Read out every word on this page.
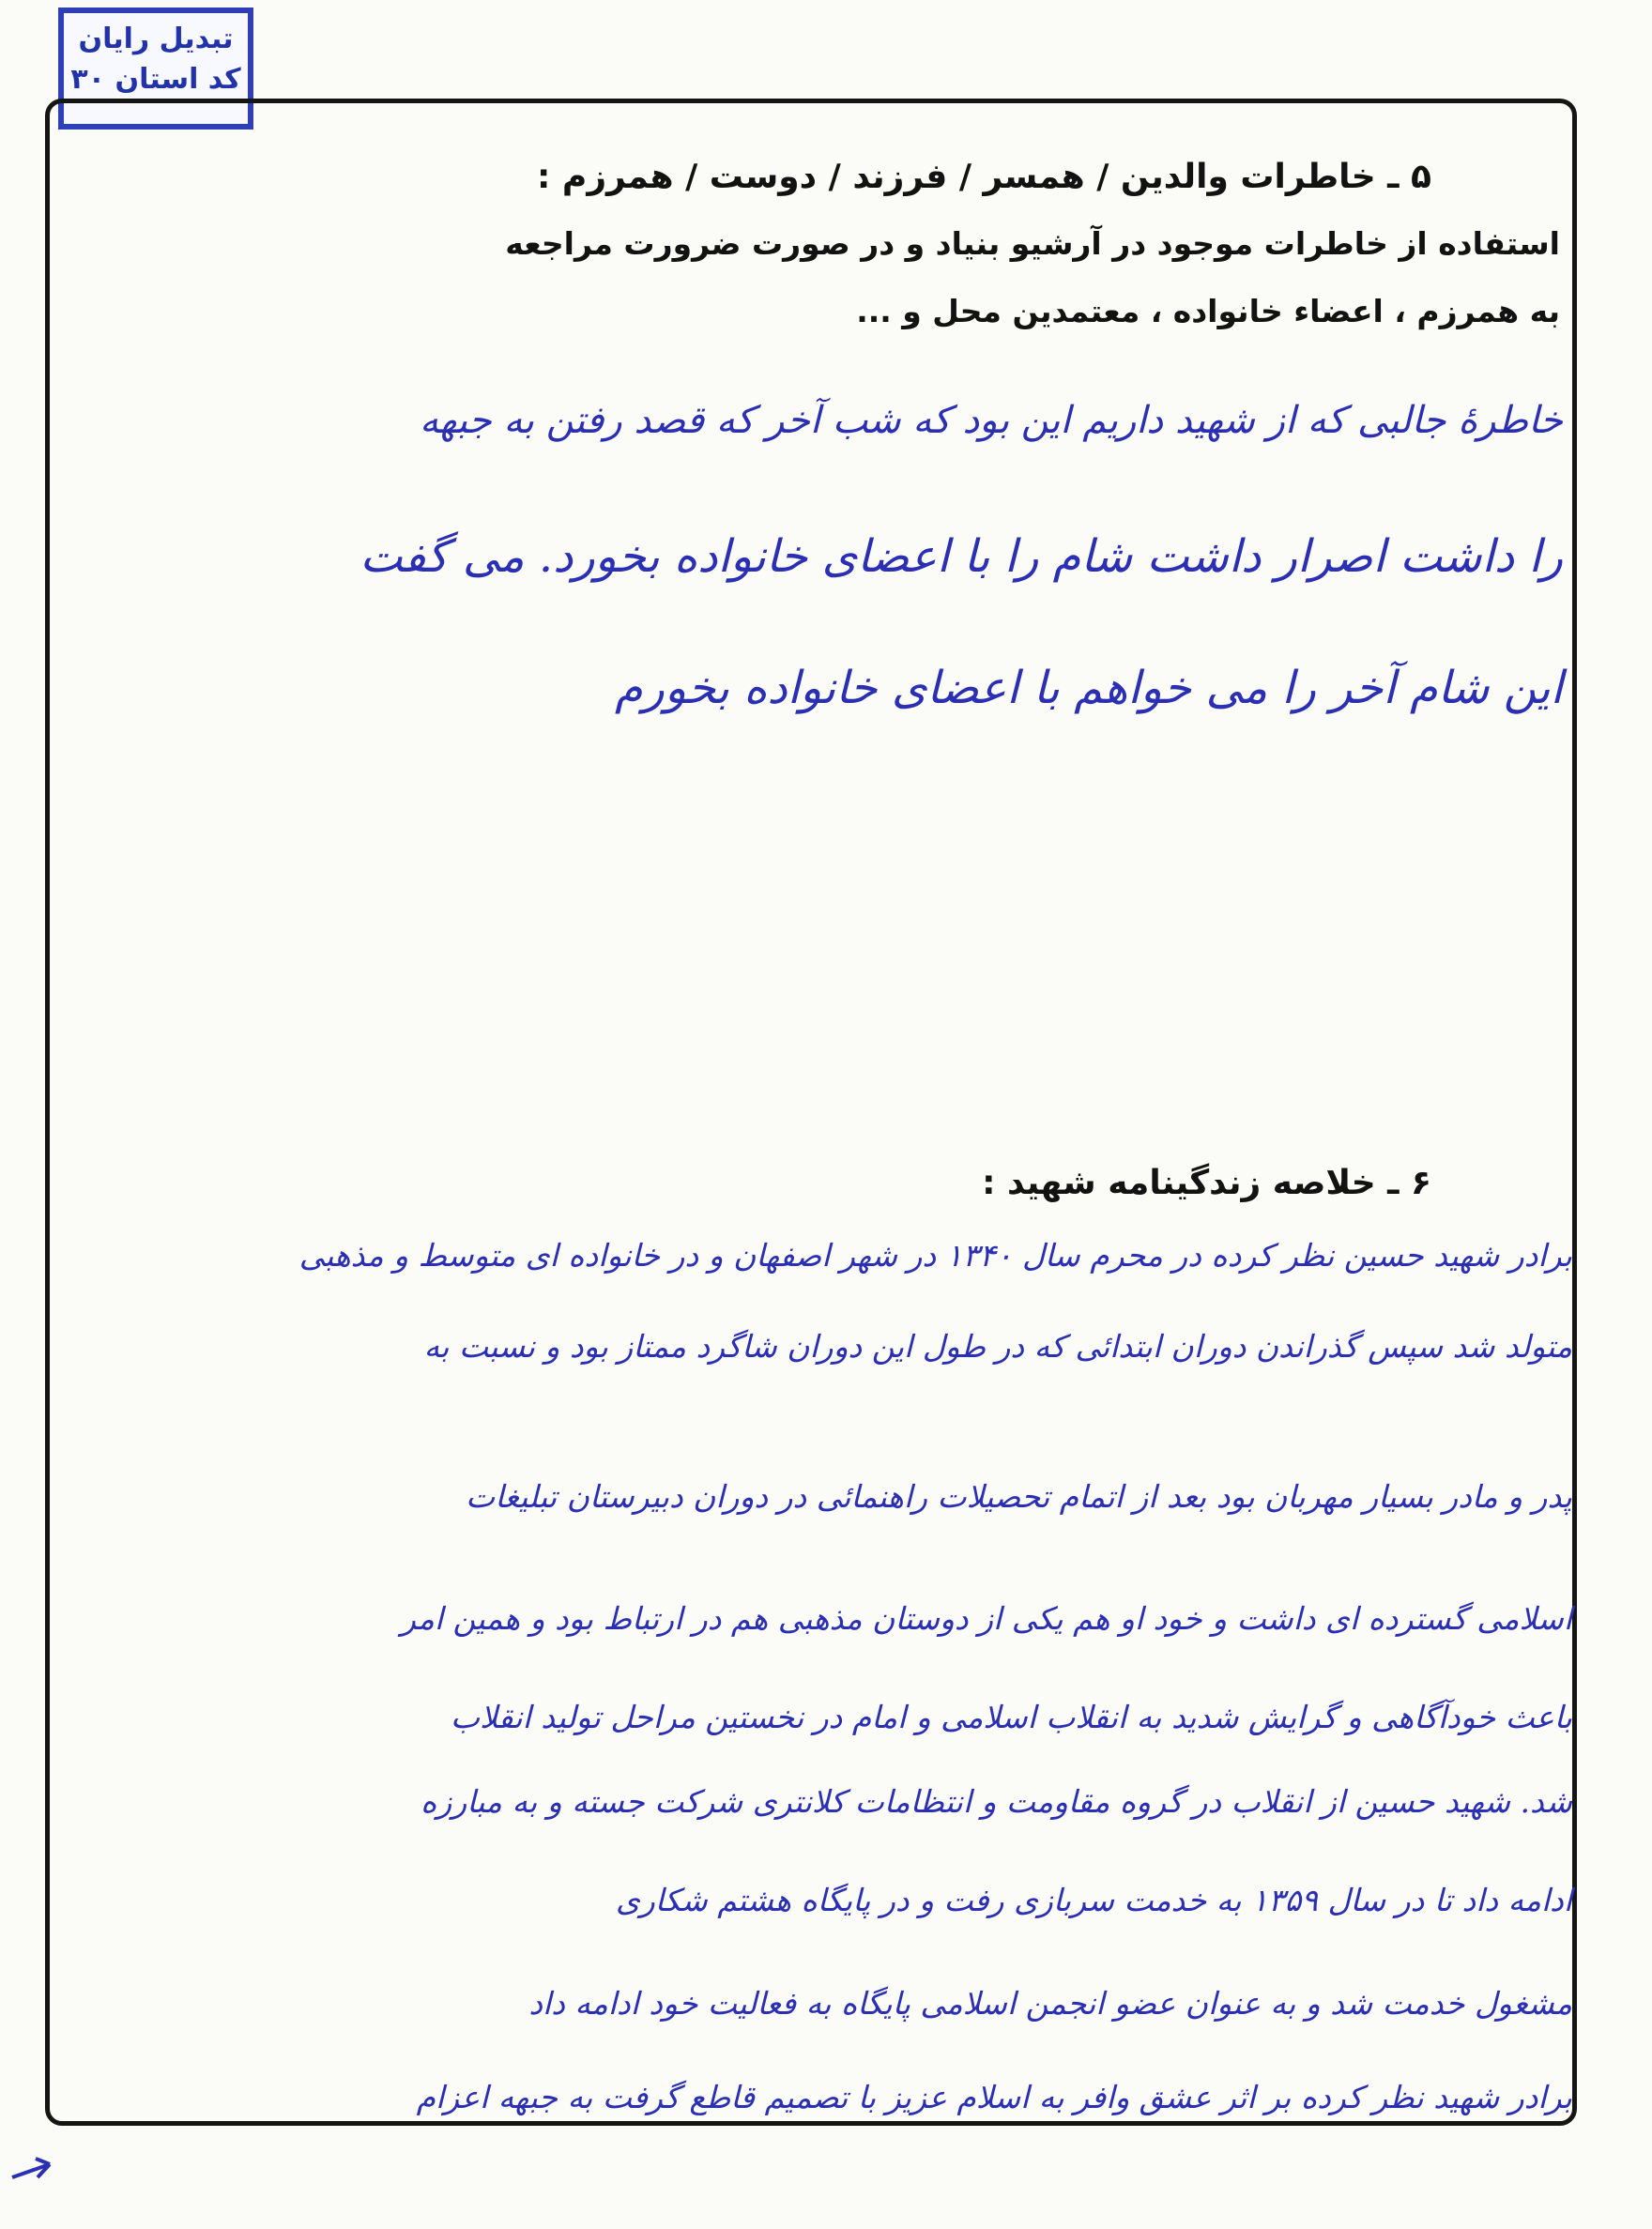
تبدیل رایان
کد استان ۳۰
۵ ـ خاطرات والدین / همسر / فرزند / دوست / همرزم :
استفاده از خاطرات موجود در آرشیو بنیاد و در صورت ضرورت مراجعه
به همرزم ، اعضاء خانواده ، معتمدین محل و ...
خاطرهٔ جالبی که از شهید داریم این بود که شب آخر که قصد رفتن به جبهه
را داشت اصرار داشت شام را با اعضای خانواده بخورد. می گفت
این شام آخر را می خواهم با اعضای خانواده بخورم
۶ ـ خلاصه زندگینامه شهید :
برادر شهید حسین نظر کرده در محرم سال ۱۳۴۰ در شهر اصفهان و در خانواده ای متوسط و مذهبی
متولد شد سپس گذراندن دوران ابتدائی که در طول این دوران شاگرد ممتاز بود و نسبت به
پدر و مادر بسیار مهربان بود بعد از اتمام تحصیلات راهنمائی در دوران دبیرستان تبلیغات
اسلامی گسترده ای داشت و خود او هم یکی از دوستان مذهبی هم در ارتباط بود و همین امر
باعث خودآگاهی و گرایش شدید به انقلاب اسلامی و امام در نخستین مراحل تولید انقلاب
شد. شهید حسین از انقلاب در گروه مقاومت و انتظامات کلانتری شرکت جسته و به مبارزه
ادامه داد تا در سال ۱۳۵۹ به خدمت سربازی رفت و در پایگاه هشتم شکاری
مشغول خدمت شد و به عنوان عضو انجمن اسلامی پایگاه به فعالیت خود ادامه داد
برادر شهید نظر کرده بر اثر عشق وافر به اسلام عزیز با تصمیم قاطع گرفت به جبهه اعزام
